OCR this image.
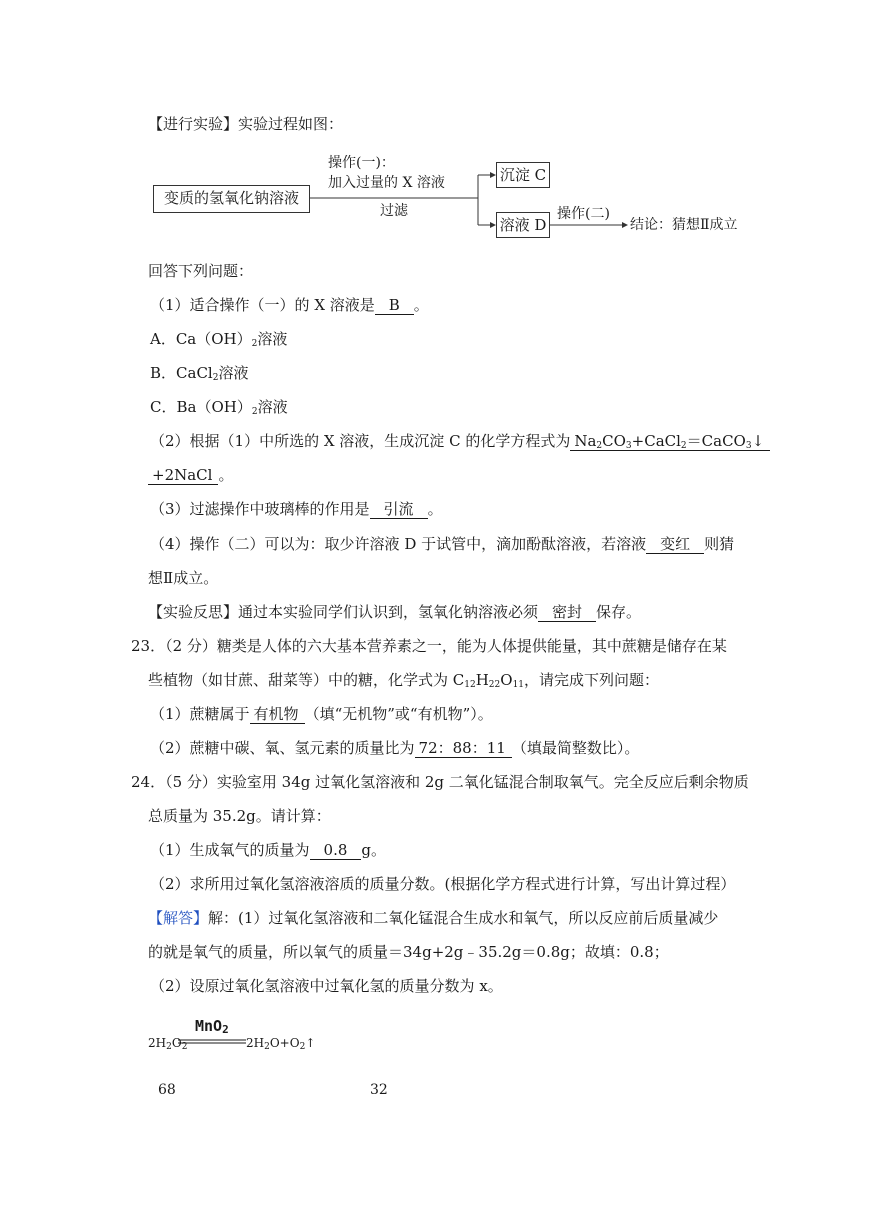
【进行实验】实验过程如图：
变质的氢氧化钠溶液
操作(一)：
加入过量的 X 溶液
过滤
沉淀 C
溶液 D
操作(二)
结论：猜想Ⅱ成立
回答下列问题：
（1）适合操作（一）的 X 溶液是 B 。
A．$Ca(OH)_2$溶液
B．CaCl$_2$溶液
C．$Ba(OH)_2$溶液
（2）根据（1）中所选的 X 溶液，生成沉淀 C 的化学方程式为 $Na_2CO_3+CaCl_2=CaCO_3↓$
+2NaCl 。
（3）过滤操作中玻璃棒的作用是 引流 。
（4）操作（二）可以为：取少许溶液 D 于试管中，滴加酚酞溶液，若溶液 变红 则猜
想Ⅱ成立。
【实验反思】通过本实验同学们认识到，氢氧化钠溶液必须 密封 保存。
23．（2 分）糖类是人体的六大基本营养素之一，能为人体提供能量，其中蔗糖是储存在某
些植物（如甘蔗、甜菜等）中的糖，化学式为 $C_{12}H_{22}O_{11}$，请完成下列问题：
（1）蔗糖属于 有机物 （填“无机物”或“有机物”）。
（2）蔗糖中碳、氧、氢元素的质量比为 72：88：11 （填最简整数比）。
24．（5 分）实验室用 34g 过氧化氢溶液和 2g 二氧化锰混合制取氧气。完全反应后剩余物质
总质量为 35.2g。请计算：
（1）生成氧气的质量为 0.8 g。
（2）求所用过氧化氢溶液溶质的质量分数。(根据化学方程式进行计算，写出计算过程）
【解答】解：(1）过氧化氢溶液和二氧化锰混合生成水和氧气，所以反应前后质量减少
的就是氧气的质量，所以氧气的质量＝34g+2g﹣35.2g＝0.8g；故填：0.8；
（2）设原过氧化氢溶液中过氧化氢的质量分数为 x。
MnO$_2$
$2H_2O_2$	$2H_2O+O_2↑$
68	32
